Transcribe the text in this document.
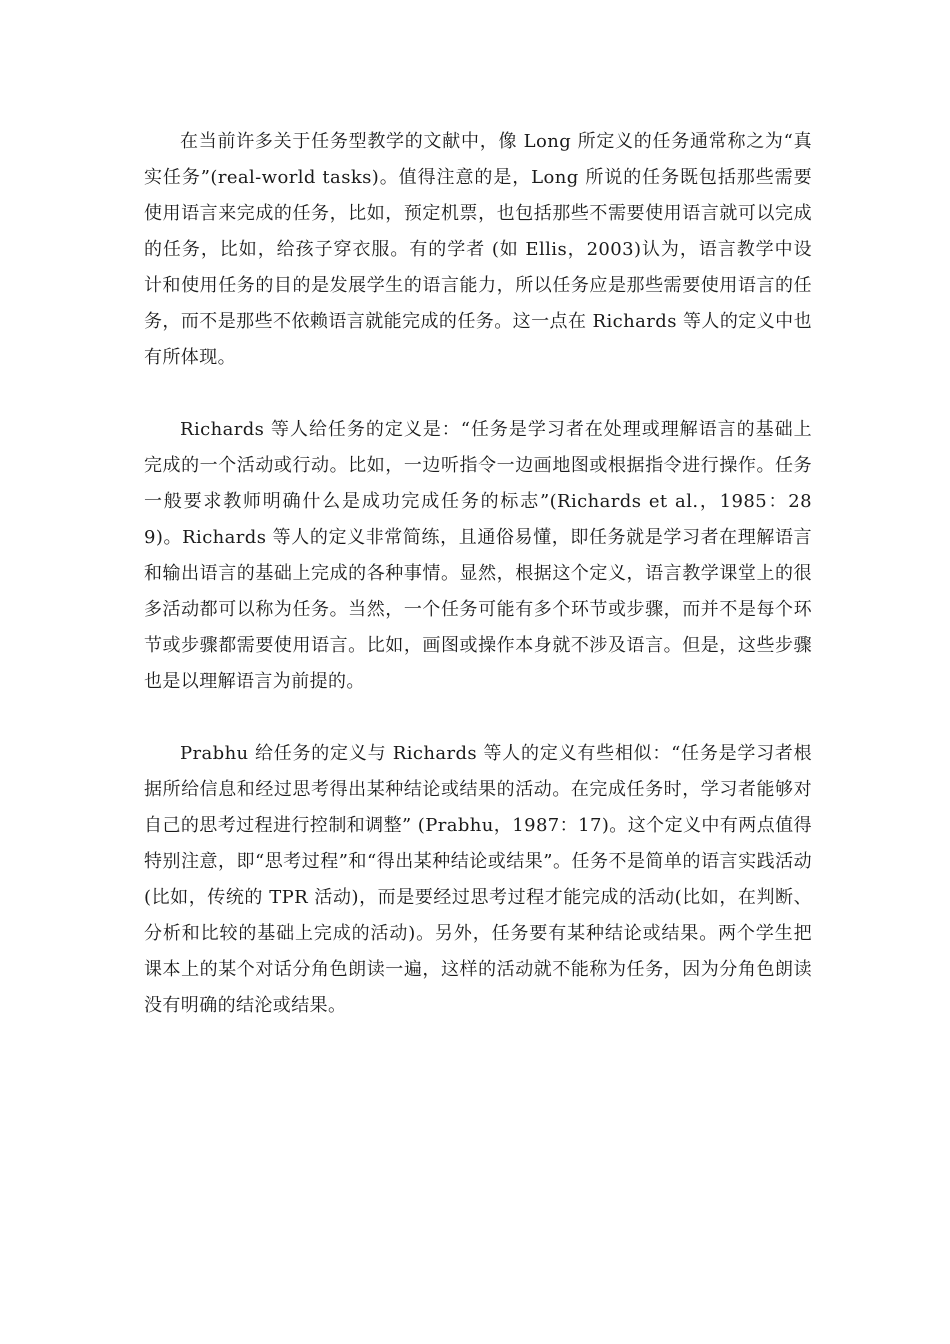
在当前许多关于任务型教学的文献中，像 Long 所定义的任务通常称之为“真实任务”(real-world tasks)。值得注意的是，Long 所说的任务既包括那些需要使用语言来完成的任务，比如，预定机票，也包括那些不需要使用语言就可以完成的任务，比如，给孩子穿衣服。有的学者 (如 Ellis，2003)认为，语言教学中设计和使用任务的目的是发展学生的语言能力，所以任务应是那些需要使用语言的任务，而不是那些不依赖语言就能完成的任务。这一点在 Richards 等人的定义中也有所体现。

Richards 等人给任务的定义是：“任务是学习者在处理或理解语言的基础上完成的一个活动或行动。比如，一边听指令一边画地图或根据指令进行操作。任务一般要求教师明确什么是成功完成任务的标志”(Richards et al.，1985：289)。Richards 等人的定义非常简练，且通俗易懂，即任务就是学习者在理解语言和输出语言的基础上完成的各种事情。显然，根据这个定义，语言教学课堂上的很多活动都可以称为任务。当然，一个任务可能有多个环节或步骤，而并不是每个环节或步骤都需要使用语言。比如，画图或操作本身就不涉及语言。但是，这些步骤也是以理解语言为前提的。

Prabhu 给任务的定义与 Richards 等人的定义有些相似：“任务是学习者根据所给信息和经过思考得出某种结论或结果的活动。在完成任务时，学习者能够对自己的思考过程进行控制和调整” (Prabhu，1987：17)。这个定义中有两点值得特别注意，即“思考过程”和“得出某种结论或结果”。任务不是简单的语言实践活动(比如，传统的 TPR 活动)，而是要经过思考过程才能完成的活动(比如，在判断、分析和比较的基础上完成的活动)。另外，任务要有某种结论或结果。两个学生把课本上的某个对话分角色朗读一遍，这样的活动就不能称为任务，因为分角色朗读没有明确的结沦或结果。
